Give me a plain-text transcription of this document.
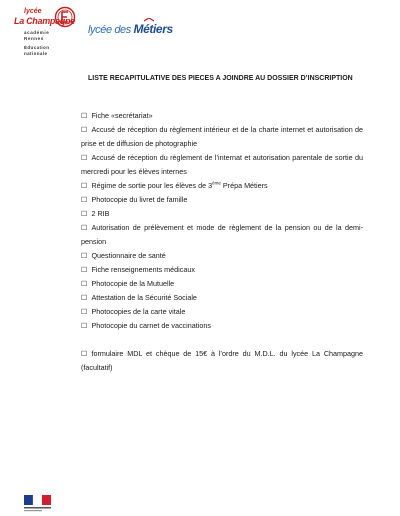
lycée
La Champagne
académie
Rennes
Éducation
nationale
lycée des Métiers
LISTE RECAPITULATIVE DES PIECES A JOINDRE AU DOSSIER D’INSCRIPTION
☐ Fiche «secrétariat»
☐ Accusé de réception du règlement intérieur et de la charte internet et autorisation de prise et de diffusion de photographie
☐ Accusé de réception du règlement de l’internat et autorisation parentale de sortie du mercredi pour les élèves internes
☐ Régime de sortie pour les élèves de 3ème Prépa Métiers
☐ Photocopie du livret de famille
☐ 2 RIB
☐ Autorisation de prélèvement et mode de règlement de la pension ou de la demi-pension
☐ Questionnaire de santé
☐ Fiche renseignements médicaux
☐ Photocopie de la Mutuelle
☐ Attestation de la Sécurité Sociale
☐ Photocopies de la carte vitale
☐ Photocopie du carnet de vaccinations
☐ formulaire MDL et chèque de 15€ à l’ordre du M.D.L. du lycée La Champagne (facultatif)
